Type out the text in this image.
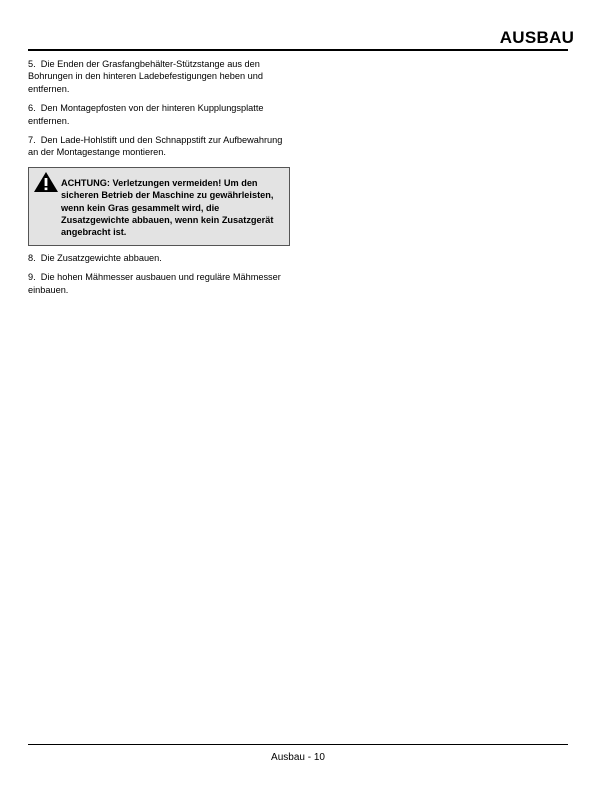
AUSBAU

5. Die Enden der Grasfangbehälter-Stützstange aus den Bohrungen in den hinteren Ladebefestigungen heben und entfernen.

6. Den Montagepfosten von der hinteren Kupplungsplatte entfernen.

7. Den Lade-Hohlstift und den Schnappstift zur Aufbewahrung an der Montagestange montieren.

ACHTUNG: Verletzungen vermeiden! Um den sicheren Betrieb der Maschine zu gewährleisten, wenn kein Gras gesammelt wird, die Zusatzgewichte abbauen, wenn kein Zusatzgerät angebracht ist.

8. Die Zusatzgewichte abbauen.

9. Die hohen Mähmesser ausbauen und reguläre Mähmesser einbauen.

Ausbau - 10
